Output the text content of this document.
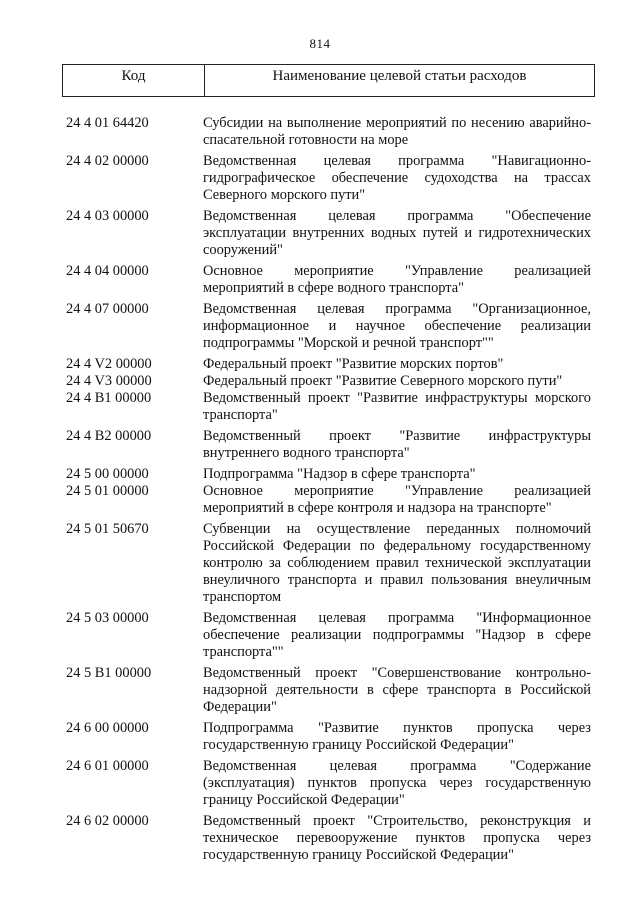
814
Код	Наименование целевой статьи расходов
24 4 01 64420	Субсидии на выполнение мероприятий по несению аварийно-спасательной готовности на море
24 4 02 00000	Ведомственная целевая программа "Навигационно-гидрографическое обеспечение судоходства на трассах Северного морского пути"
24 4 03 00000	Ведомственная целевая программа "Обеспечение эксплуатации внутренних водных путей и гидротехнических сооружений"
24 4 04 00000	Основное мероприятие "Управление реализацией мероприятий в сфере водного транспорта"
24 4 07 00000	Ведомственная целевая программа "Организационное, информационное и научное обеспечение реализации подпрограммы "Морской и речной транспорт""
24 4 V2 00000	Федеральный проект "Развитие морских портов"
24 4 V3 00000	Федеральный проект "Развитие Северного морского пути"
24 4 В1 00000	Ведомственный проект "Развитие инфраструктуры морского транспорта"
24 4 В2 00000	Ведомственный проект "Развитие инфраструктуры внутреннего водного транспорта"
24 5 00 00000	Подпрограмма "Надзор в сфере транспорта"
24 5 01 00000	Основное мероприятие "Управление реализацией мероприятий в сфере контроля и надзора на транспорте"
24 5 01 50670	Субвенции на осуществление переданных полномочий Российской Федерации по федеральному государственному контролю за соблюдением правил технической эксплуатации внеуличного транспорта и правил пользования внеуличным транспортом
24 5 03 00000	Ведомственная целевая программа "Информационное обеспечение реализации подпрограммы "Надзор в сфере транспорта""
24 5 В1 00000	Ведомственный проект "Совершенствование контрольно-надзорной деятельности в сфере транспорта в Российской Федерации"
24 6 00 00000	Подпрограмма "Развитие пунктов пропуска через государственную границу Российской Федерации"
24 6 01 00000	Ведомственная целевая программа "Содержание (эксплуатация) пунктов пропуска через государственную границу Российской Федерации"
24 6 02 00000	Ведомственный проект "Строительство, реконструкция и техническое перевооружение пунктов пропуска через государственную границу Российской Федерации"
